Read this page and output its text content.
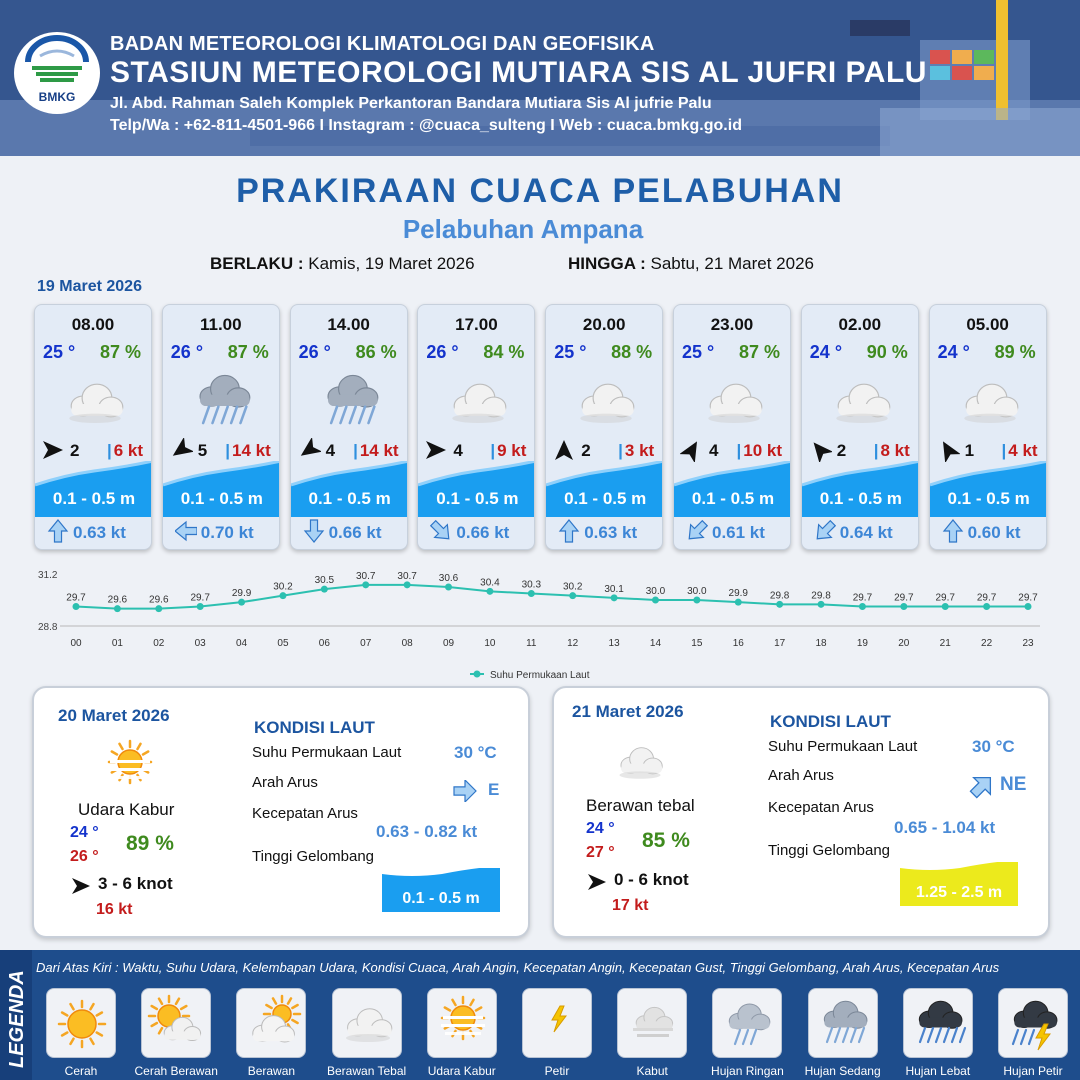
BMKG
BADAN METEOROLOGI KLIMATOLOGI DAN GEOFISIKA
STASIUN METEOROLOGI MUTIARA SIS AL JUFRI PALU
Jl. Abd. Rahman Saleh Komplek Perkantoran Bandara Mutiara Sis Al jufrie Palu
Telp/Wa : +62-811-4501-966 I Instagram : @cuaca_sulteng I Web : cuaca.bmkg.go.id
PRAKIRAAN CUACA PELABUHAN
Pelabuhan Ampana
BERLAKU : Kamis, 19 Maret 2026	HINGGA : Sabtu, 21 Maret 2026
19 Maret 2026
08.00
25 ° 87 %
2 | 6 kt
0.1 - 0.5 m
0.63 kt
11.00
26 ° 87 %
5 | 14 kt
0.1 - 0.5 m
0.70 kt
14.00
26 ° 86 %
4 | 14 kt
0.1 - 0.5 m
0.66 kt
17.00
26 ° 84 %
4 | 9 kt
0.1 - 0.5 m
0.66 kt
20.00
25 ° 88 %
2 | 3 kt
0.1 - 0.5 m
0.63 kt
23.00
25 ° 87 %
4 | 10 kt
0.1 - 0.5 m
0.61 kt
02.00
24 ° 90 %
2 | 8 kt
0.1 - 0.5 m
0.64 kt
05.00
24 ° 89 %
1 | 4 kt
0.1 - 0.5 m
0.60 kt
31.2
28.8
29.7
00
29.6
01
29.6
02
29.7
03
29.9
04
30.2
05
30.5
06
30.7
07
30.7
08
30.6
09
30.4
10
30.3
11
30.2
12
30.1
13
30.0
14
30.0
15
29.9
16
29.8
17
29.8
18
29.7
19
29.7
20
29.7
21
29.7
22
29.7
23
Suhu Permukaan Laut
20 Maret 2026
Udara Kabur
24 °
26 °
89 %
3 - 6 knot
16 kt
KONDISI LAUT
Suhu Permukaan Laut	30 °C
Arah Arus	E
Kecepatan Arus
0.63 - 0.82 kt
Tinggi Gelombang
0.1 - 0.5 m
21 Maret 2026
Berawan tebal
24 °
27 °
85 %
0 - 6 knot
17 kt
KONDISI LAUT
Suhu Permukaan Laut	30 °C
Arah Arus	NE
Kecepatan Arus
0.65 - 1.04 kt
Tinggi Gelombang
1.25 - 2.5 m
LEGENDA
Dari Atas Kiri : Waktu, Suhu Udara, Kelembapan Udara, Kondisi Cuaca, Arah Angin, Kecepatan Angin, Kecepatan Gust, Tinggi Gelombang, Arah Arus, Kecepatan Arus
Cerah	Cerah Berawan	Berawan	Berawan Tebal	Udara Kabur	Petir	Kabut	Hujan Ringan	Hujan Sedang	Hujan Lebat	Hujan Petir
